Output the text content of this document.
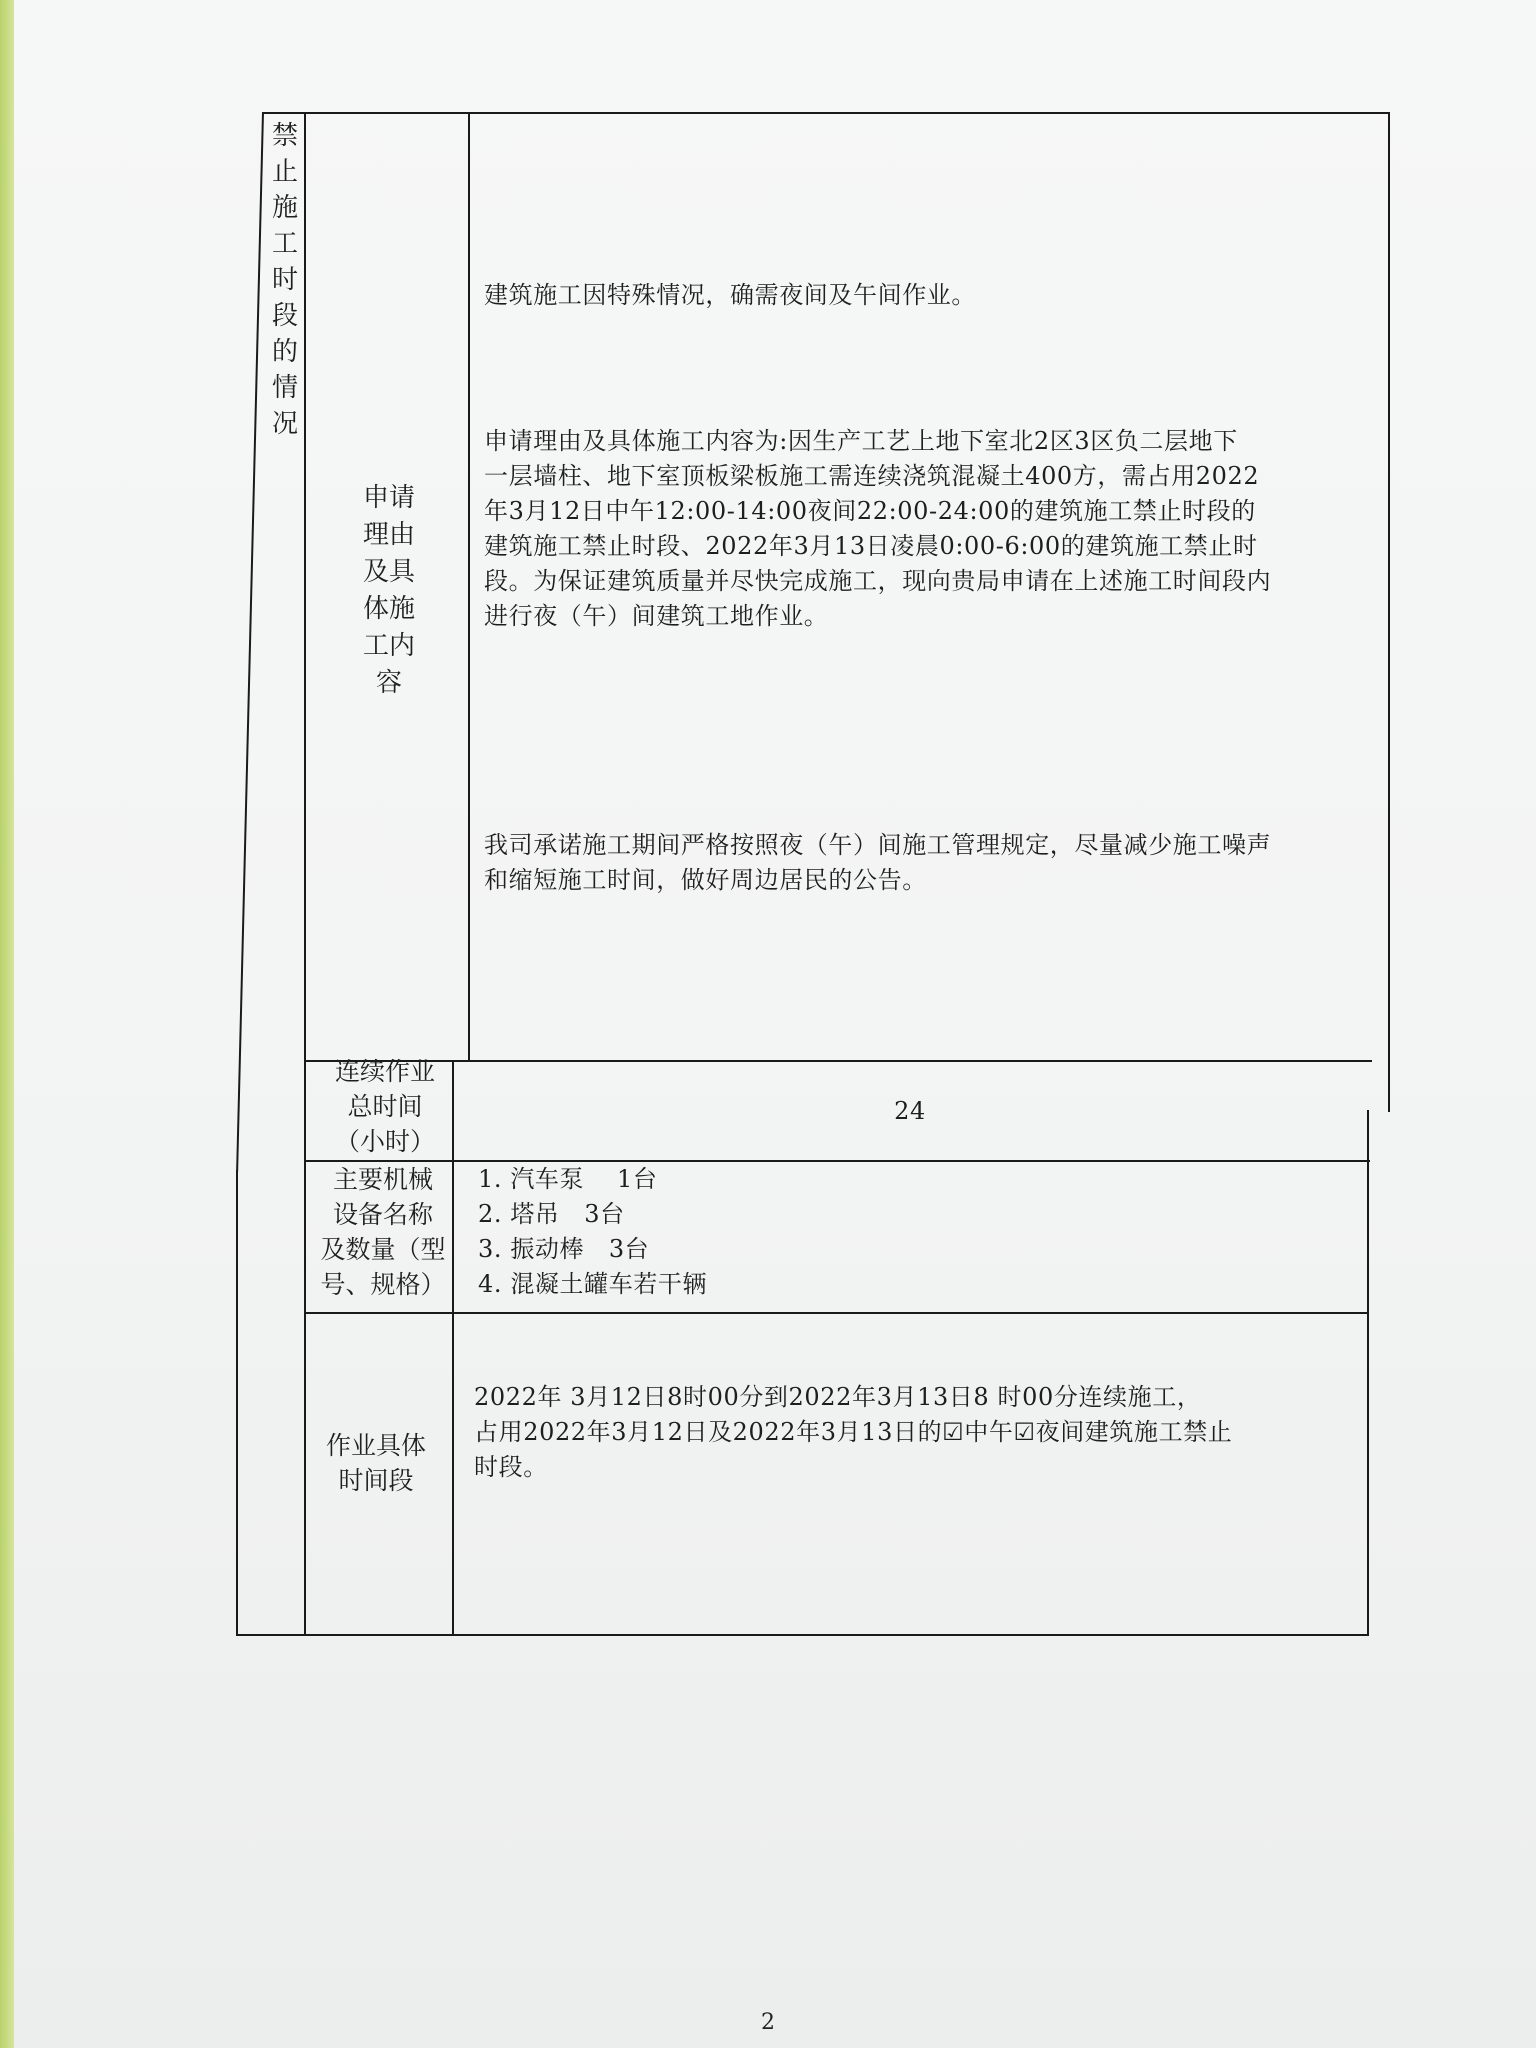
禁止施工时段的情况
申请
理由
及具
体施
工内
容
建筑施工因特殊情况，确需夜间及午间作业。
申请理由及具体施工内容为:因生产工艺上地下室北2区3区负二层地下
一层墙柱、地下室顶板梁板施工需连续浇筑混凝土400方，需占用2022
年3月12日中午12:00-14:00夜间22:00-24:00的建筑施工禁止时段的
建筑施工禁止时段、2022年3月13日凌晨0:00-6:00的建筑施工禁止时
段。为保证建筑质量并尽快完成施工，现向贵局申请在上述施工时间段内
进行夜（午）间建筑工地作业。
我司承诺施工期间严格按照夜（午）间施工管理规定，尽量减少施工噪声
和缩短施工时间，做好周边居民的公告。
连续作业
总时间
（小时）
24
主要机械
设备名称
及数量（型
号、规格）
1. 汽车泵    1台
2. 塔吊   3台
3. 振动棒   3台
4. 混凝土罐车若干辆
作业具体
时间段
2022年 3月12日8时00分到2022年3月13日8 时00分连续施工，
占用2022年3月12日及2022年3月13日的☑中午☑夜间建筑施工禁止
时段。
2
